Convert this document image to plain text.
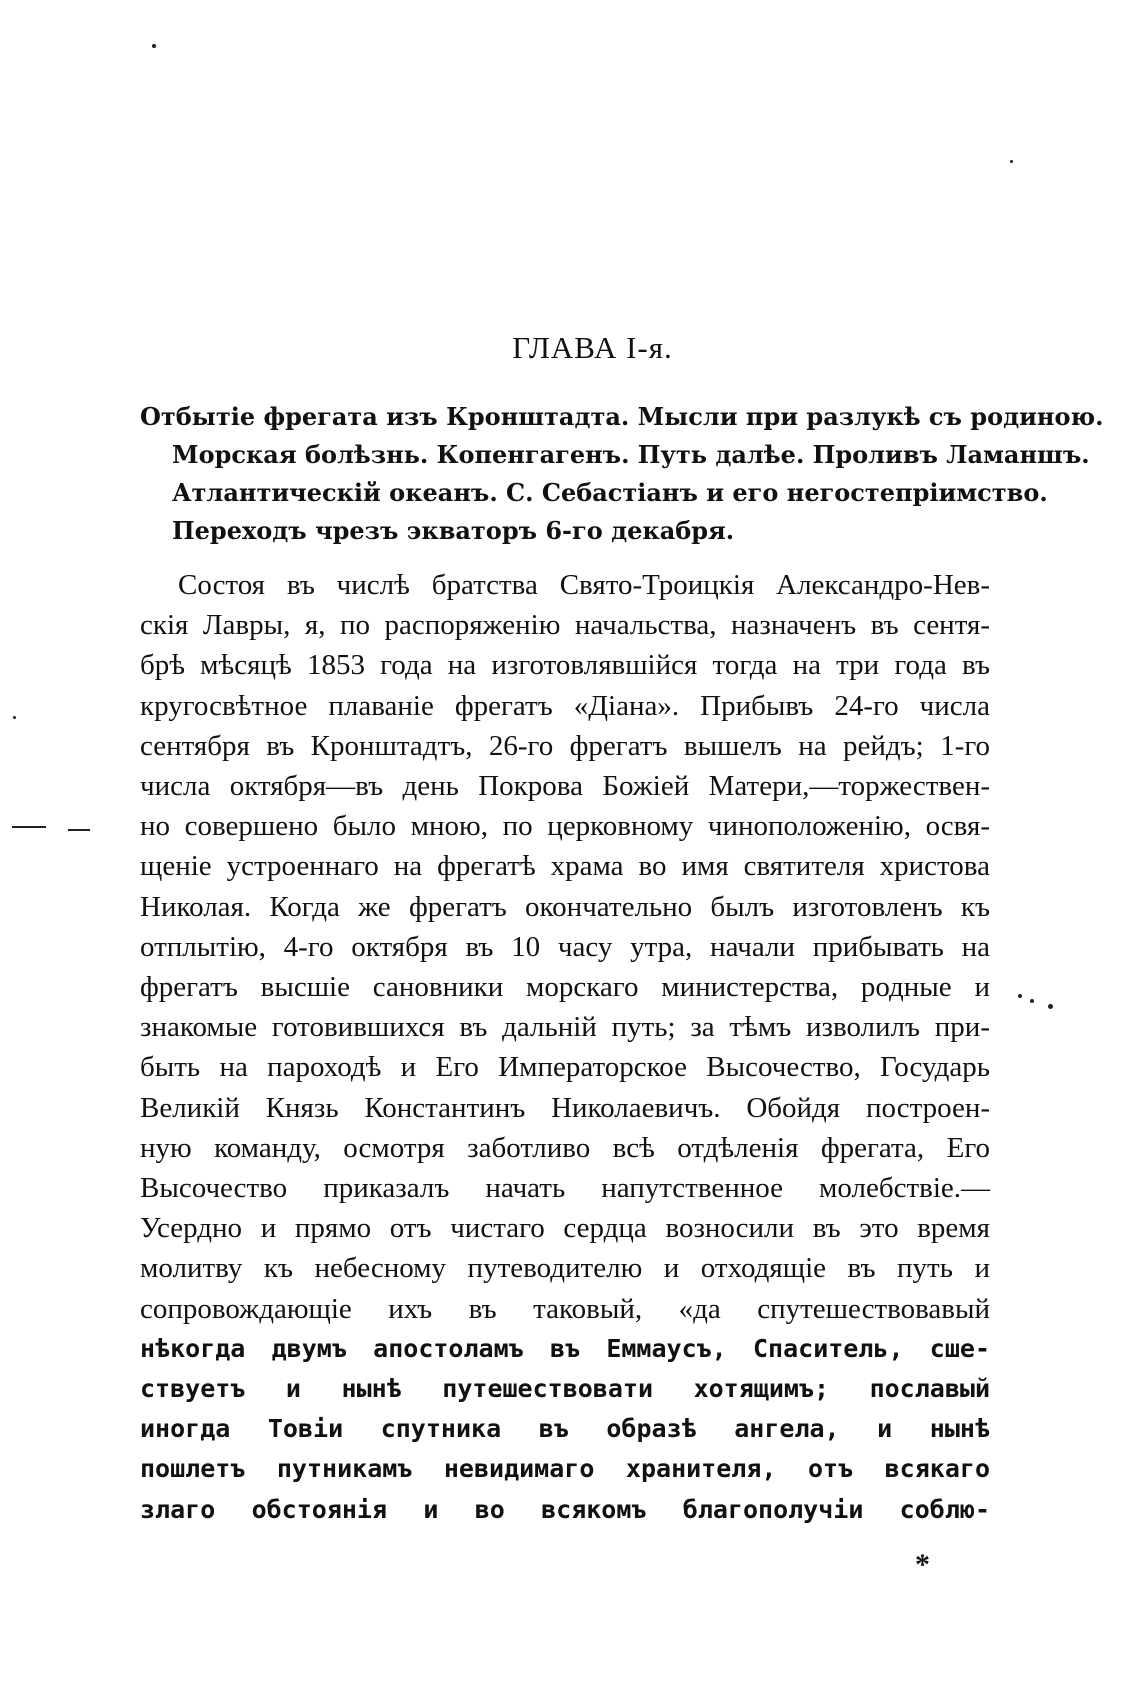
ГЛАВА I-я.
Отбытіе фрегата изъ Кронштадта. Мысли при разлукѣ съ родиною.
Морская болѣзнь. Копенгагенъ. Путь далѣе. Проливъ Ламаншъ.
Атлантическій океанъ. С. Себастіанъ и его негостепріимство.
Переходъ чрезъ экваторъ 6-го декабря.
Состоя въ числѣ братства Свято-Троицкія Александро-Нев-
скія Лавры, я, по распоряженію начальства, назначенъ въ сентя-
брѣ мѣсяцѣ 1853 года на изготовлявшійся тогда на три года въ
кругосвѣтное плаваніе фрегатъ «Діана». Прибывъ 24-го числа
сентября въ Кронштадтъ, 26-го фрегатъ вышелъ на рейдъ; 1-го
числа октября—въ день Покрова Божіей Матери,—торжествен-
но совершено было мною, по церковному чиноположенію, освя-
щеніе устроеннаго на фрегатѣ храма во имя святителя христова
Николая. Когда же фрегатъ окончательно былъ изготовленъ къ
отплытію, 4-го октября въ 10 часу утра, начали прибывать на
фрегатъ высшіе сановники морскаго министерства, родные и
знакомые готовившихся въ дальній путь; за тѣмъ изволилъ при-
быть на пароходѣ и Его Императорское Высочество, Государь
Великій Князь Константинъ Николаевичъ. Обойдя построен-
ную команду, осмотря заботливо всѣ отдѣленія фрегата, Его
Высочество приказалъ начать напутственное молебствіе.—
Усердно и прямо отъ чистаго сердца возносили въ это время
молитву къ небесному путеводителю и отходящіе въ путь и
сопровождающіе ихъ въ таковый, «да спутешествовавый
нѣкогда двумъ апостоламъ въ Еммаусъ, Спаситель, сше-
ствуетъ и нынѣ путешествовати хотящимъ; пославый
иногда Товіи спутника въ образѣ ангела, и нынѣ
пошлетъ путникамъ невидимаго хранителя, отъ всякаго
злаго обстоянія и во всякомъ благополучіи соблю-
*
